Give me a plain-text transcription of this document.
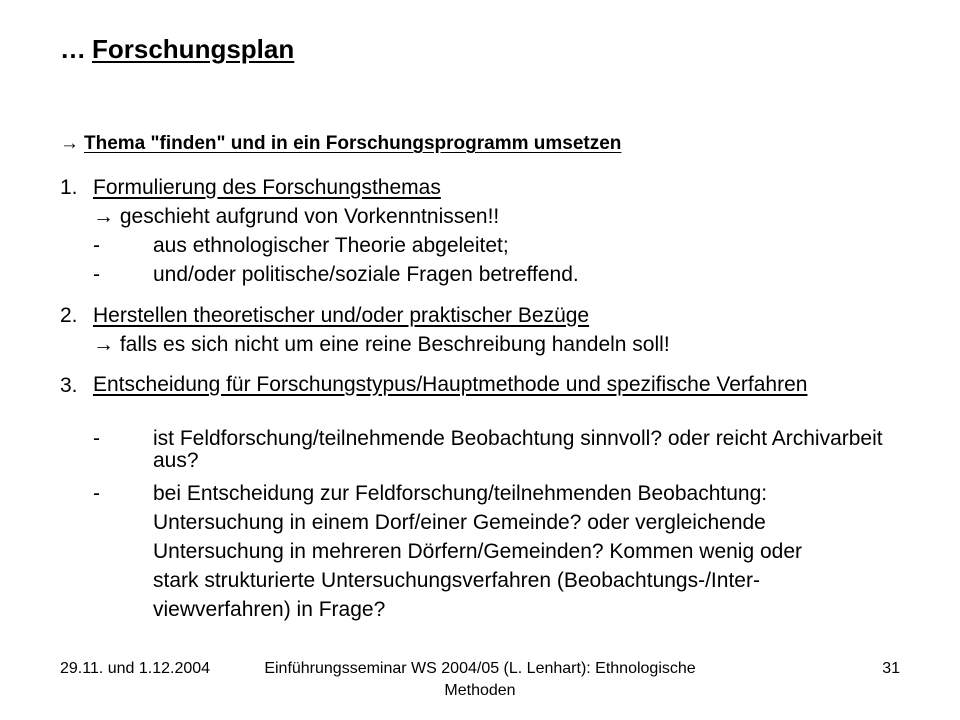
… Forschungsplan
→ Thema "finden" und in ein Forschungsprogramm umsetzen
1. Formulierung des Forschungsthemas
→ geschieht aufgrund von Vorkenntnissen!!
-	aus ethnologischer Theorie abgeleitet;
-	und/oder politische/soziale Fragen betreffend.
2. Herstellen theoretischer und/oder praktischer Bezüge
→ falls es sich nicht um eine reine Beschreibung handeln soll!
3. Entscheidung für Forschungstypus/Hauptmethode und spezifische Verfahren
-	ist Feldforschung/teilnehmende Beobachtung sinnvoll? oder reicht Archivarbeit aus?
-	bei Entscheidung zur Feldforschung/teilnehmenden Beobachtung:
Untersuchung in einem Dorf/einer Gemeinde? oder vergleichende
Untersuchung in mehreren Dörfern/Gemeinden? Kommen wenig oder
stark strukturierte Untersuchungsverfahren (Beobachtungs-/Inter-
viewverfahren) in Frage?
29.11. und 1.12.2004	Einführungsseminar WS 2004/05 (L. Lenhart): Ethnologische Methoden
31
